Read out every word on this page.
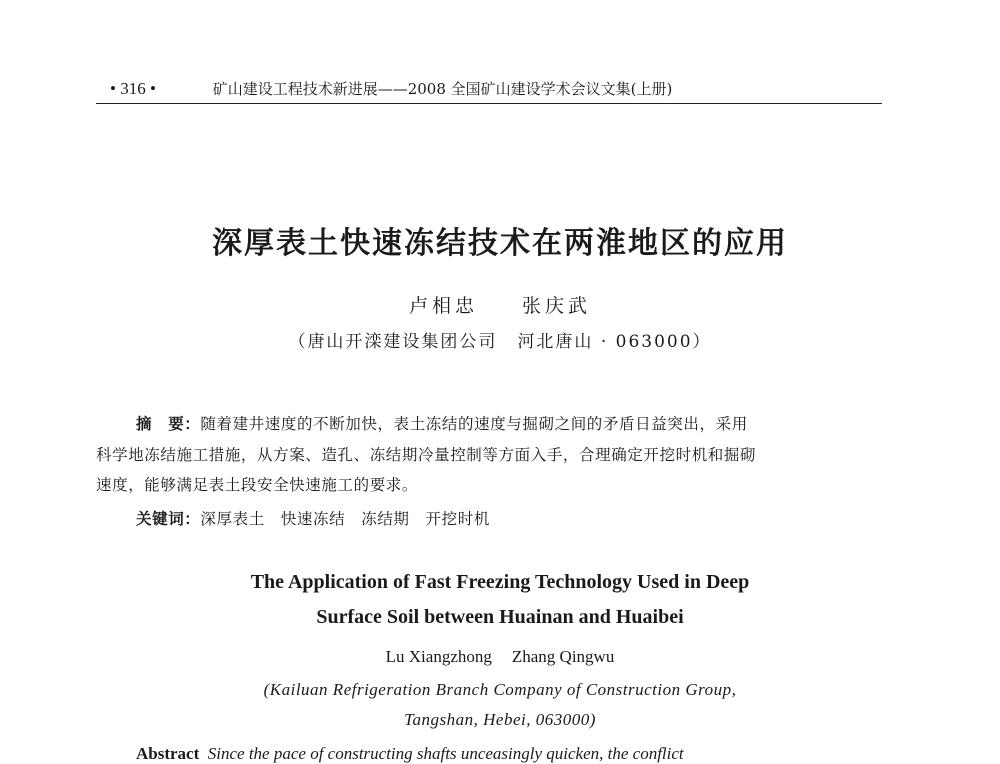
• 316 •	矿山建设工程技术新进展——2008 全国矿山建设学术会议文集(上册)
深厚表土快速冻结技术在两淮地区的应用
卢相忠 张庆武
（唐山开滦建设集团公司 河北唐山 · 063000）
摘　要：随着建井速度的不断加快，表土冻结的速度与掘砌之间的矛盾日益突出，采用
科学地冻结施工措施，从方案、造孔、冻结期冷量控制等方面入手，合理确定开挖时机和掘砌
速度，能够满足表土段安全快速施工的要求。
关键词：深厚表土 快速冻结 冻结期 开挖时机
The Application of Fast Freezing Technology Used in Deep
Surface Soil between Huainan and Huaibei
Lu Xiangzhong Zhang Qingwu
(Kailuan Refrigeration Branch Company of Construction Group,
Tangshan, Hebei, 063000)
Abstract Since the pace of constructing shafts unceasingly quicken, the conflict
